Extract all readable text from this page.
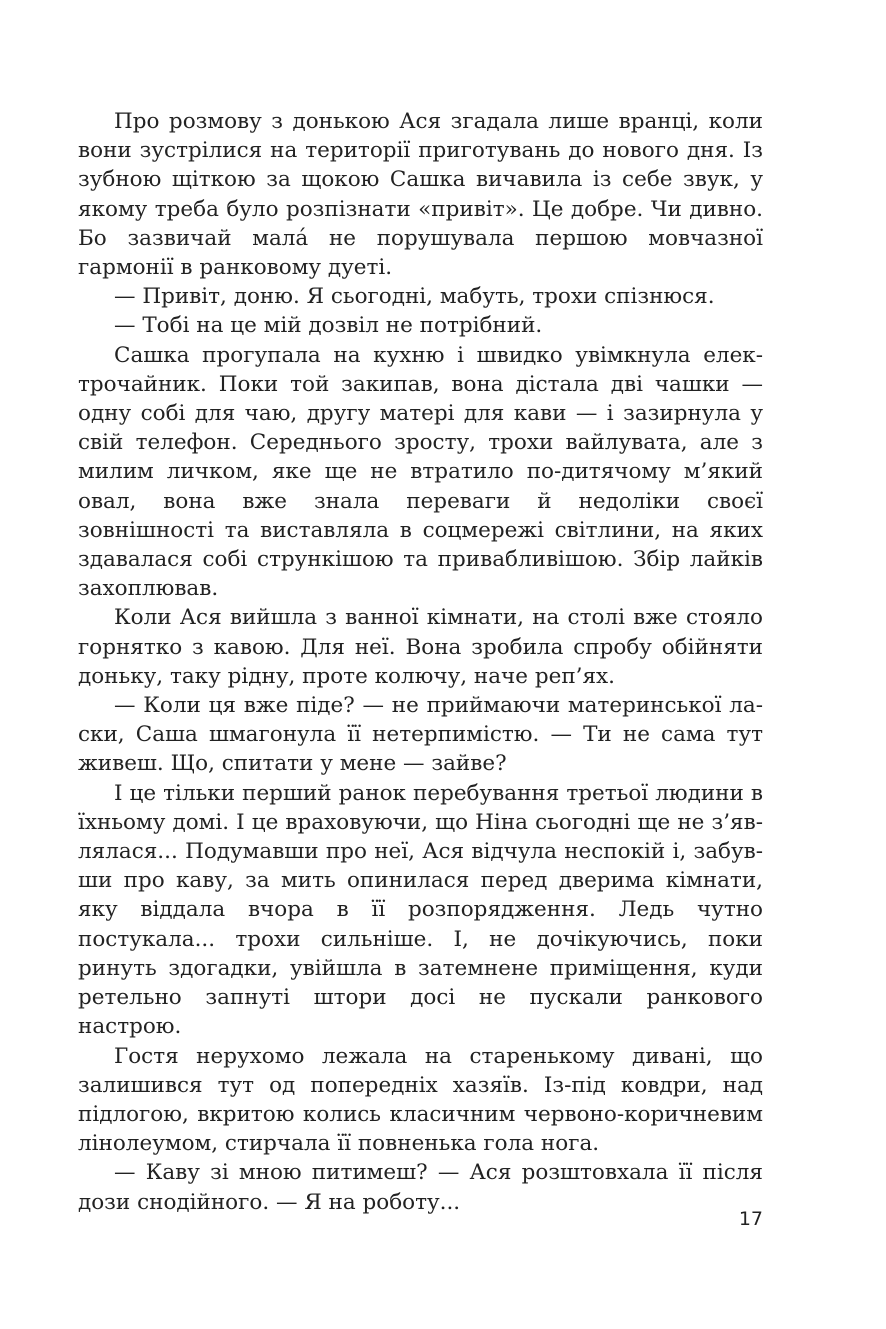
Про розмову з донькою Ася згадала лише вранці, коли вони зустрілися на території приготувань до нового дня. Із зубною щіткою за щокою Сашка вичавила із себе звук, у якому треба було розпізнати «привіт». Це добре. Чи дивно. Бо зазвичай мала́ не порушувала першою мовчазної гармонії в ранковому дуеті.

— Привіт, доню. Я сьогодні, мабуть, трохи спізнюся.

— Тобі на це мій дозвіл не потрібний.

Сашка прогупала на кухню і швидко увімкнула електрочайник. Поки той закипав, вона дістала дві чашки — одну собі для чаю, другу матері для кави — і зазирнула у свій телефон. Середнього зросту, трохи вайлувата, але з милим личком, яке ще не втратило по-дитячому м’який овал, вона вже знала переваги й недоліки своєї зовнішності та виставляла в соцмережі світлини, на яких здавалася собі стрункішою та привабливішою. Збір лайків захоплював.

Коли Ася вийшла з ванної кімнати, на столі вже стояло горнятко з кавою. Для неї. Вона зробила спробу обійняти доньку, таку рідну, проте колючу, наче реп’ях.

— Коли ця вже піде? — не приймаючи материнської ласки, Саша шмагонула її нетерпимістю. — Ти не сама тут живеш. Що, спитати у мене — зайве?

І це тільки перший ранок перебування третьої людини в їхньому домі. І це враховуючи, що Ніна сьогодні ще не з’являлася... Подумавши про неї, Ася відчула неспокій і, забувши про каву, за мить опинилася перед дверима кімнати, яку віддала вчора в її розпорядження. Ледь чутно постукала... трохи сильніше. І, не дочікуючись, поки ринуть здогадки, увійшла в затемнене приміщення, куди ретельно запнуті штори досі не пускали ранкового настрою.

Гостя нерухомо лежала на старенькому дивані, що залишився тут од попередніх хазяїв. Із-під ковдри, над підлогою, вкритою колись класичним червоно-коричневим лінолеумом, стирчала її повненька гола нога.

— Каву зі мною питимеш? — Ася розштовхала її після дози снодійного. — Я на роботу...

17
